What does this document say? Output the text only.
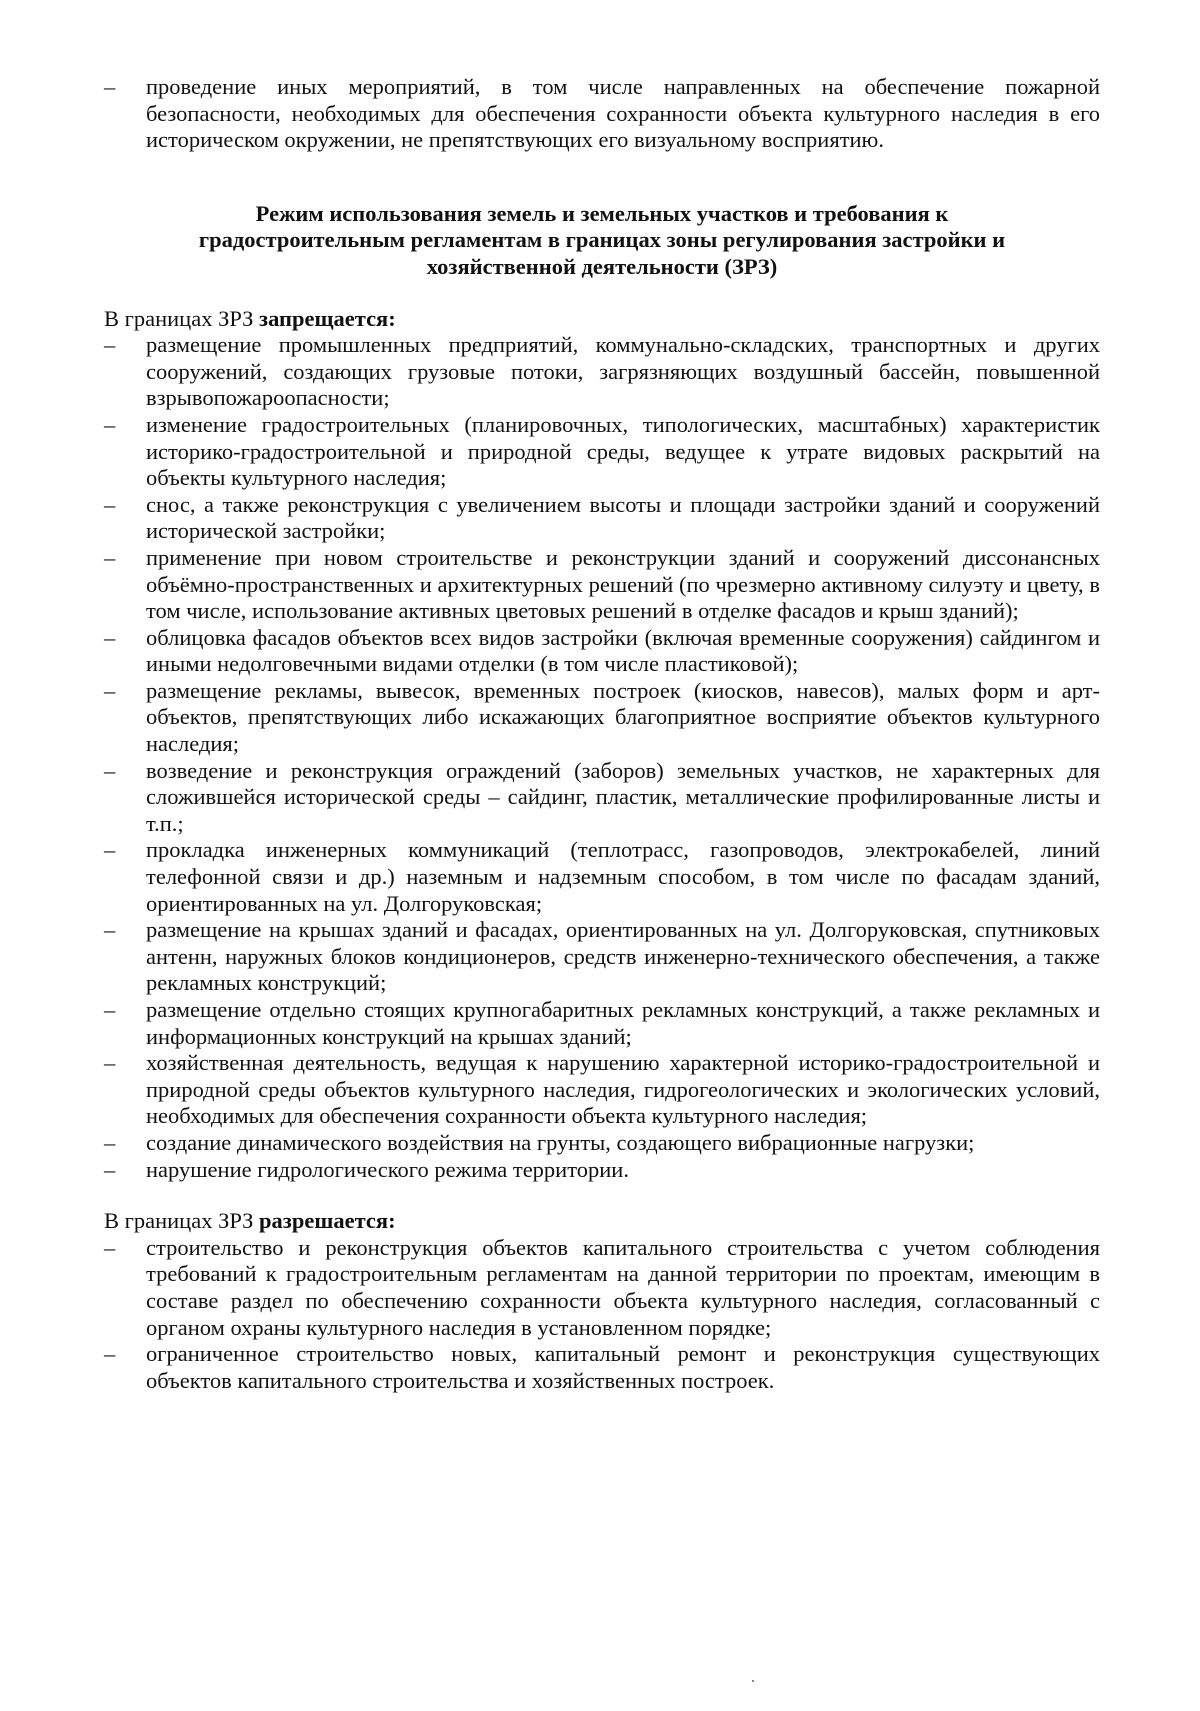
– проведение иных мероприятий, в том числе направленных на обеспечение пожарной безопасности, необходимых для обеспечения сохранности объекта культурного наследия в его историческом окружении, не препятствующих его визуальному восприятию.

Режим использования земель и земельных участков и требования к градостроительным регламентам в границах зоны регулирования застройки и хозяйственной деятельности (ЗРЗ)

В границах ЗРЗ запрещается:

– размещение промышленных предприятий, коммунально-складских, транспортных и других сооружений, создающих грузовые потоки, загрязняющих воздушный бассейн, повышенной взрывопожароопасности;
– изменение градостроительных (планировочных, типологических, масштабных) характеристик историко-градостроительной и природной среды, ведущее к утрате видовых раскрытий на объекты культурного наследия;
– снос, а также реконструкция с увеличением высоты и площади застройки зданий и сооружений исторической застройки;
– применение при новом строительстве и реконструкции зданий и сооружений диссонансных объёмно-пространственных и архитектурных решений (по чрезмерно активному силуэту и цвету, в том числе, использование активных цветовых решений в отделке фасадов и крыш зданий);
– облицовка фасадов объектов всех видов застройки (включая временные сооружения) сайдингом и иными недолговечными видами отделки (в том числе пластиковой);
– размещение рекламы, вывесок, временных построек (киосков, навесов), малых форм и арт-объектов, препятствующих либо искажающих благоприятное восприятие объектов культурного наследия;
– возведение и реконструкция ограждений (заборов) земельных участков, не характерных для сложившейся исторической среды – сайдинг, пластик, металлические профилированные листы и т.п.;
– прокладка инженерных коммуникаций (теплотрасс, газопроводов, электрокабелей, линий телефонной связи и др.) наземным и надземным способом, в том числе по фасадам зданий, ориентированных на ул. Долгоруковская;
– размещение на крышах зданий и фасадах, ориентированных на ул. Долгоруковская, спутниковых антенн, наружных блоков кондиционеров, средств инженерно-технического обеспечения, а также рекламных конструкций;
– размещение отдельно стоящих крупногабаритных рекламных конструкций, а также рекламных и информационных конструкций на крышах зданий;
– хозяйственная деятельность, ведущая к нарушению характерной историко-градостроительной и природной среды объектов культурного наследия, гидрогеологических и экологических условий, необходимых для обеспечения сохранности объекта культурного наследия;
– создание динамического воздействия на грунты, создающего вибрационные нагрузки;
– нарушение гидрологического режима территории.

В границах ЗРЗ разрешается:

– строительство и реконструкция объектов капитального строительства с учетом соблюдения требований к градостроительным регламентам на данной территории по проектам, имеющим в составе раздел по обеспечению сохранности объекта культурного наследия, согласованный с органом охраны культурного наследия в установленном порядке;
– ограниченное строительство новых, капитальный ремонт и реконструкция существующих объектов капитального строительства и хозяйственных построек.
